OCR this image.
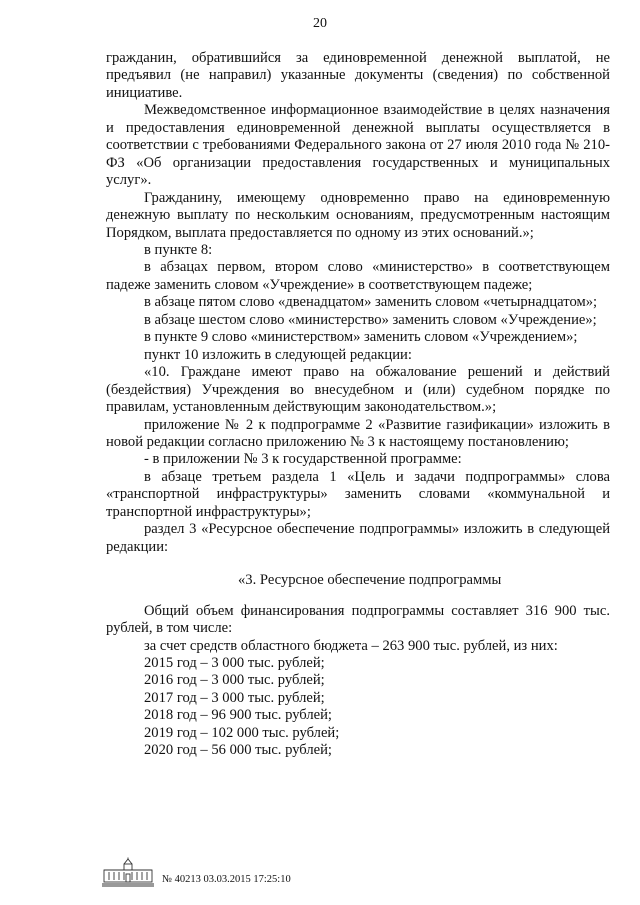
20

гражданин, обратившийся за единовременной денежной выплатой, не предъявил (не направил) указанные документы (сведения) по собственной инициативе.

Межведомственное информационное взаимодействие в целях назначения и предоставления единовременной денежной выплаты осуществляется в соответствии с требованиями Федерального закона от 27 июля 2010 года № 210-ФЗ «Об организации предоставления государственных и муниципальных услуг».

Гражданину, имеющему одновременно право на единовременную денежную выплату по нескольким основаниям, предусмотренным настоящим Порядком, выплата предоставляется по одному из этих оснований.»;

в пункте 8:

в абзацах первом, втором слово «министерство» в соответствующем падеже заменить словом «Учреждение» в соответствующем падеже;

в абзаце пятом слово «двенадцатом» заменить словом «четырнадцатом»;

в абзаце шестом слово «министерство» заменить словом «Учреждение»;

в пункте 9 слово «министерством» заменить словом «Учреждением»;

пункт 10 изложить в следующей редакции:

«10. Граждане имеют право на обжалование решений и действий (бездействия) Учреждения во внесудебном и (или) судебном порядке по правилам, установленным действующим законодательством.»;

приложение № 2 к подпрограмме 2 «Развитие газификации» изложить в новой редакции согласно приложению № 3 к настоящему постановлению;

- в приложении № 3 к государственной программе:

в абзаце третьем раздела 1 «Цель и задачи подпрограммы» слова «транспортной инфраструктуры» заменить словами «коммунальной и транспортной инфраструктуры»;

раздел 3 «Ресурсное обеспечение подпрограммы» изложить в следующей редакции:

«3. Ресурсное обеспечение подпрограммы

Общий объем финансирования подпрограммы составляет 316 900 тыс. рублей, в том числе:

за счет средств областного бюджета – 263 900 тыс. рублей, из них:

2015 год – 3 000 тыс. рублей;

2016 год – 3 000 тыс. рублей;

2017 год – 3 000 тыс. рублей;

2018 год – 96 900 тыс. рублей;

2019 год – 102 000 тыс. рублей;

2020 год – 56 000 тыс. рублей;

№ 40213 03.03.2015 17:25:10
